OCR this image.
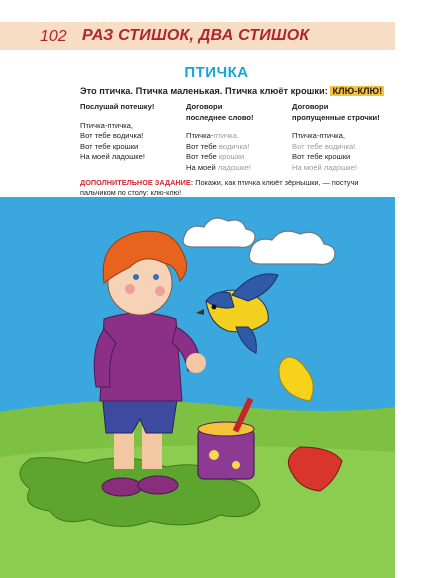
102 РАЗ СТИШОК, ДВА СТИШОК
ПТИЧКА
Это птичка. Птичка маленькая. Птичка клюёт крошки: КЛЮ-КЛЮ!
Послушай потешку!
Птичка-птичка,
Вот тебе водичка!
Вот тебе крошки
На моей ладошке!
Договори
последнее слово!
Птичка-птичка,
Вот тебе водичка!
Вот тебе крошки
На моей ладошке!
Договори
пропущенные строчки!
Птичка-птичка,
Вот тебе водичка!
Вот тебе крошки
На моей ладошке!
ДОПОЛНИТЕЛЬНОЕ ЗАДАНИЕ: Покажи, как птичка клюёт зёрнышки, — постучи пальчиком по столу: клю-клю!
